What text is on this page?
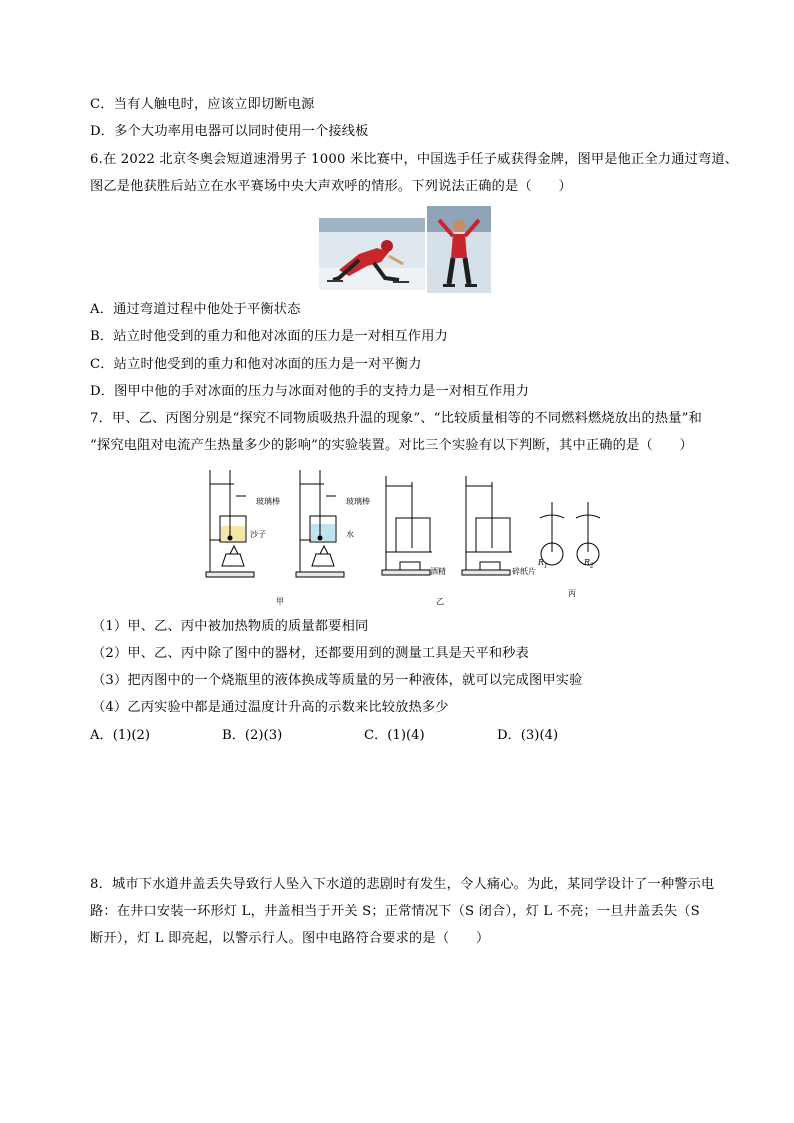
C．当有人触电时，应该立即切断电源
D．多个大功率用电器可以同时使用一个接线板
6.在 2022 北京冬奥会短道速滑男子 1000 米比赛中，中国选手任子威获得金牌，图甲是他正全力通过弯道、
图乙是他获胜后站立在水平赛场中央大声欢呼的情形。下列说法正确的是（　　）
A．通过弯道过程中他处于平衡状态
B．站立时他受到的重力和他对冰面的压力是一对相互作用力
C．站立时他受到的重力和他对冰面的压力是一对平衡力
D．图甲中他的手对冰面的压力与冰面对他的手的支持力是一对相互作用力
7．甲、乙、丙图分别是“探究不同物质吸热升温的现象”、“比较质量相等的不同燃料燃烧放出的热量”和
“探究电阻对电流产生热量多少的影响”的实验装置。对比三个实验有以下判断，其中正确的是（　　）
玻璃棒
沙子
玻璃棒
水
酒精	碎纸片
$R_1$	$R_2$
甲	乙
丙
（1）甲、乙、丙中被加热物质的质量都要相同
（2）甲、乙、丙中除了图中的器材，还都要用到的测量工具是天平和秒表
（3）把丙图中的一个烧瓶里的液体换成等质量的另一种液体，就可以完成图甲实验
（4）乙丙实验中都是通过温度计升高的示数来比较放热多少
A．(1)(2)	B．(2)(3)	C．(1)(4)	D．(3)(4)
8．城市下水道井盖丢失导致行人坠入下水道的悲剧时有发生，令人痛心。为此，某同学设计了一种警示电
路：在井口安装一环形灯 L，井盖相当于开关 S；正常情况下（S 闭合），灯 L 不亮；一旦井盖丢失（S
断开），灯 L 即亮起，以警示行人。图中电路符合要求的是（　　）
